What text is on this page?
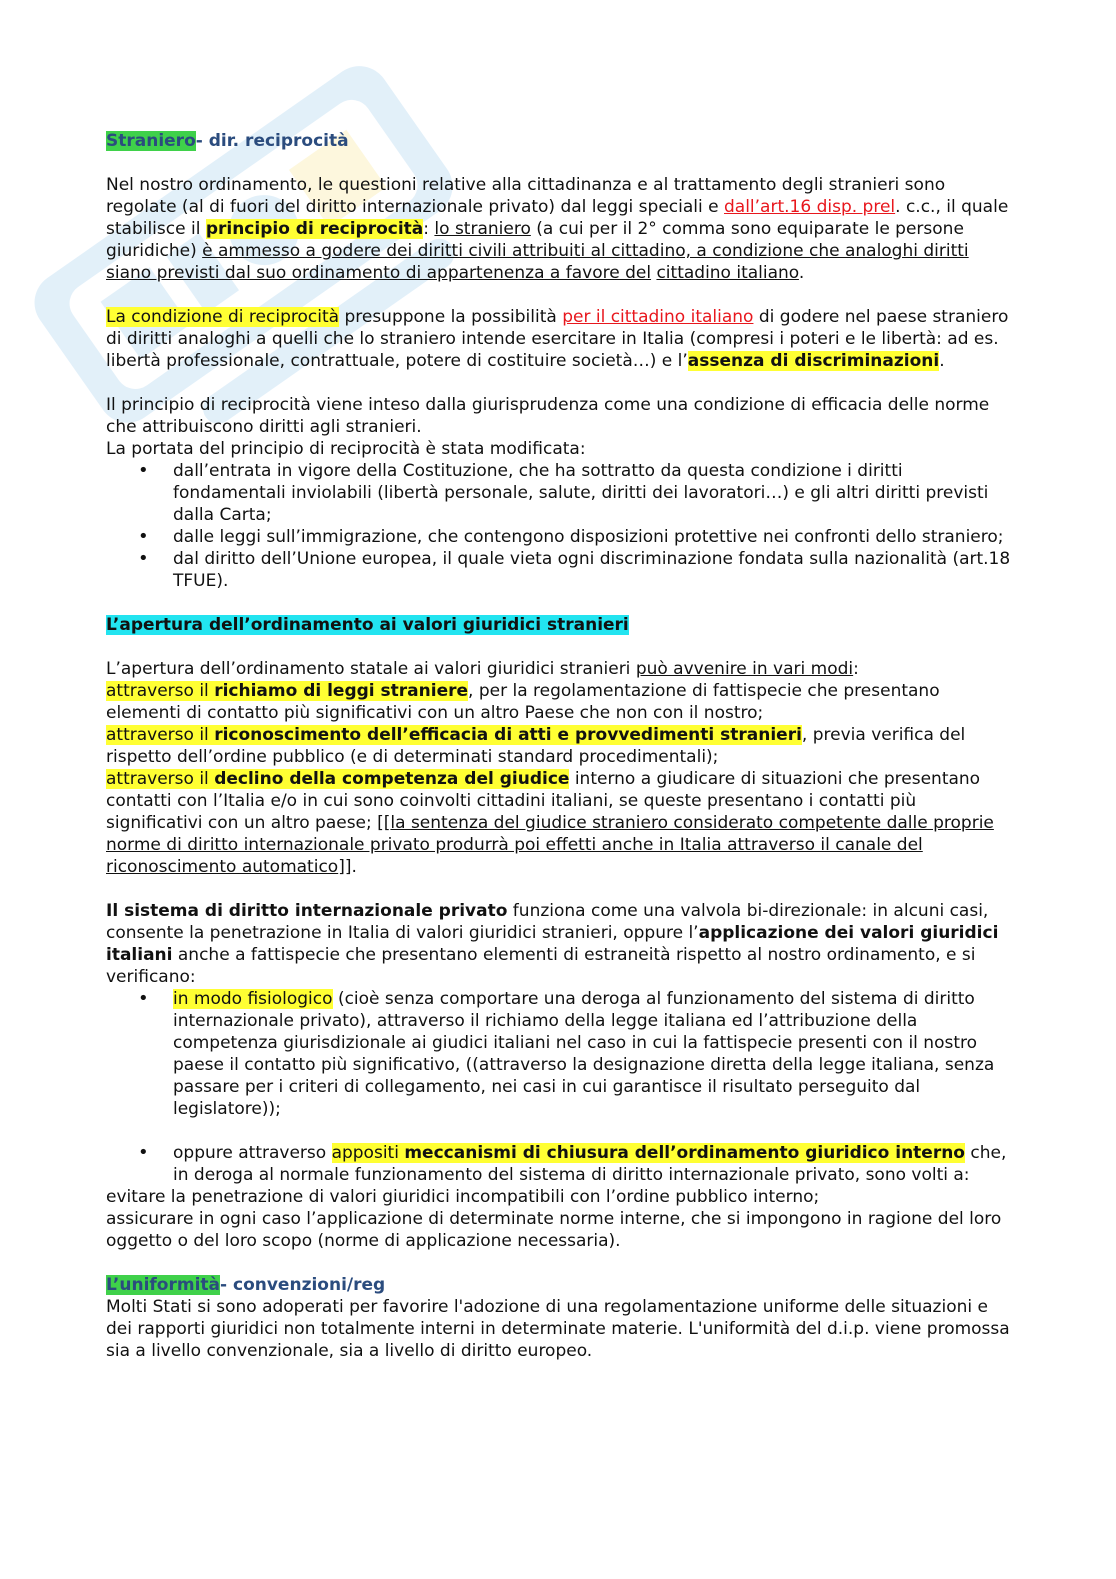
Straniero- dir. reciprocità

Nel nostro ordinamento, le questioni relative alla cittadinanza e al trattamento degli stranieri sono regolate (al di fuori del diritto internazionale privato) dal leggi speciali e dall’art.16 disp. prel. c.c., il quale stabilisce il principio di reciprocità: lo straniero (a cui per il 2° comma sono equiparate le persone giuridiche) è ammesso a godere dei diritti civili attribuiti al cittadino, a condizione che analoghi diritti siano previsti dal suo ordinamento di appartenenza a favore del cittadino italiano.

La condizione di reciprocità presuppone la possibilità per il cittadino italiano di godere nel paese straniero di diritti analoghi a quelli che lo straniero intende esercitare in Italia (compresi i poteri e le libertà: ad es. libertà professionale, contrattuale, potere di costituire società…) e l’assenza di discriminazioni.

Il principio di reciprocità viene inteso dalla giurisprudenza come una condizione di efficacia delle norme che attribuiscono diritti agli stranieri.

La portata del principio di reciprocità è stata modificata:

• dall’entrata in vigore della Costituzione, che ha sottratto da questa condizione i diritti fondamentali inviolabili (libertà personale, salute, diritti dei lavoratori…) e gli altri diritti previsti dalla Carta;
• dalle leggi sull’immigrazione, che contengono disposizioni protettive nei confronti dello straniero;
• dal diritto dell’Unione europea, il quale vieta ogni discriminazione fondata sulla nazionalità (art.18 TFUE).

L’apertura dell’ordinamento ai valori giuridici stranieri

L’apertura dell’ordinamento statale ai valori giuridici stranieri può avvenire in vari modi:

attraverso il richiamo di leggi straniere, per la regolamentazione di fattispecie che presentano elementi di contatto più significativi con un altro Paese che non con il nostro;

attraverso il riconoscimento dell’efficacia di atti e provvedimenti stranieri, previa verifica del rispetto dell’ordine pubblico (e di determinati standard procedimentali);

attraverso il declino della competenza del giudice interno a giudicare di situazioni che presentano contatti con l’Italia e/o in cui sono coinvolti cittadini italiani, se queste presentano i contatti più significativi con un altro paese; [[la sentenza del giudice straniero considerato competente dalle proprie norme di diritto internazionale privato produrrà poi effetti anche in Italia attraverso il canale del riconoscimento automatico]].

Il sistema di diritto internazionale privato funziona come una valvola bi-direzionale: in alcuni casi, consente la penetrazione in Italia di valori giuridici stranieri, oppure l’applicazione dei valori giuridici italiani anche a fattispecie che presentano elementi di estraneità rispetto al nostro ordinamento, e si verificano:

• in modo fisiologico (cioè senza comportare una deroga al funzionamento del sistema di diritto internazionale privato), attraverso il richiamo della legge italiana ed l’attribuzione della competenza giurisdizionale ai giudici italiani nel caso in cui la fattispecie presenti con il nostro paese il contatto più significativo, ((attraverso la designazione diretta della legge italiana, senza passare per i criteri di collegamento, nei casi in cui garantisce il risultato perseguito dal legislatore));
• oppure attraverso appositi meccanismi di chiusura dell’ordinamento giuridico interno che, in deroga al normale funzionamento del sistema di diritto internazionale privato, sono volti a:

evitare la penetrazione di valori giuridici incompatibili con l’ordine pubblico interno;

assicurare in ogni caso l’applicazione di determinate norme interne, che si impongono in ragione del loro oggetto o del loro scopo (norme di applicazione necessaria).

L’uniformità- convenzioni/reg

Molti Stati si sono adoperati per favorire l'adozione di una regolamentazione uniforme delle situazioni e dei rapporti giuridici non totalmente interni in determinate materie. L'uniformità del d.i.p. viene promossa sia a livello convenzionale, sia a livello di diritto europeo.
